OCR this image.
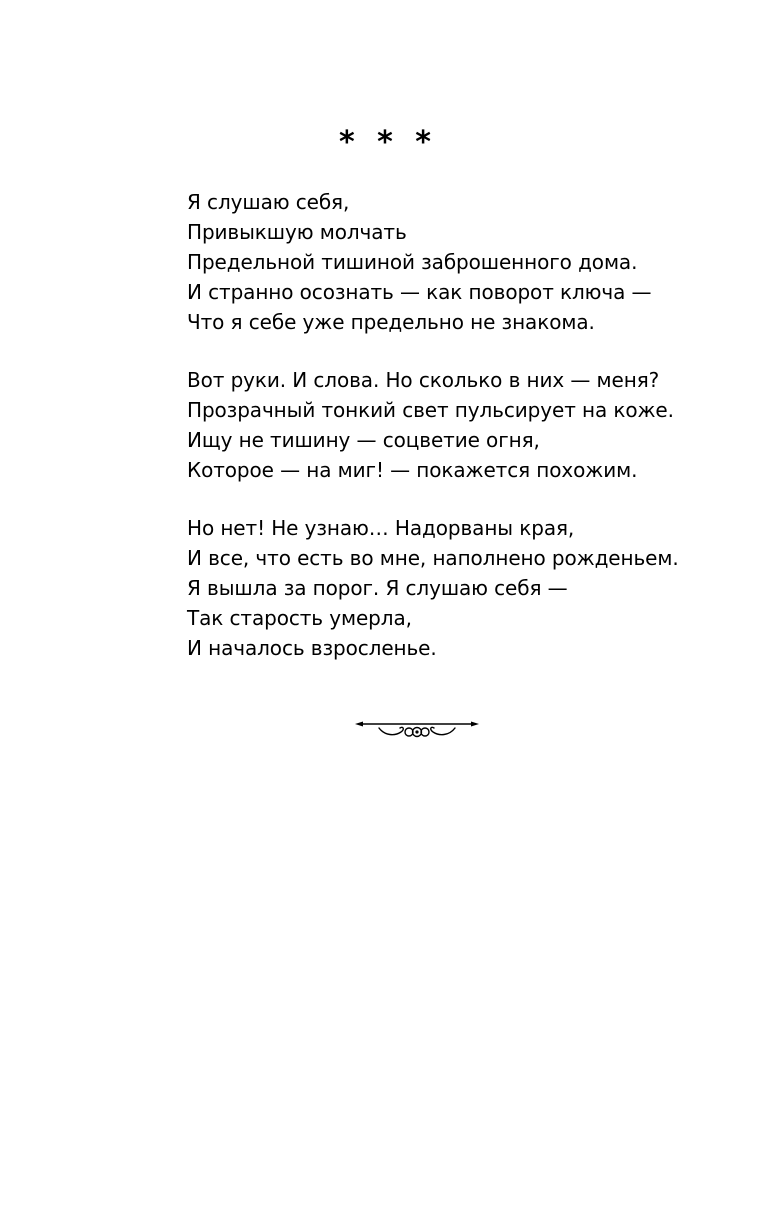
* * *
Я слушаю себя,
Привыкшую молчать
Предельной тишиной заброшенного дома.
И странно осознать — как поворот ключа —
Что я себе уже предельно не знакома.
Вот руки. И слова. Но сколько в них — меня?
Прозрачный тонкий свет пульсирует на коже.
Ищу не тишину — соцветие огня,
Которое — на миг! — покажется похожим.
Но нет! Не узнаю… Надорваны края,
И все, что есть во мне, наполнено рожденьем.
Я вышла за порог. Я слушаю себя —
Так старость умерла,
И началось взросленье.
